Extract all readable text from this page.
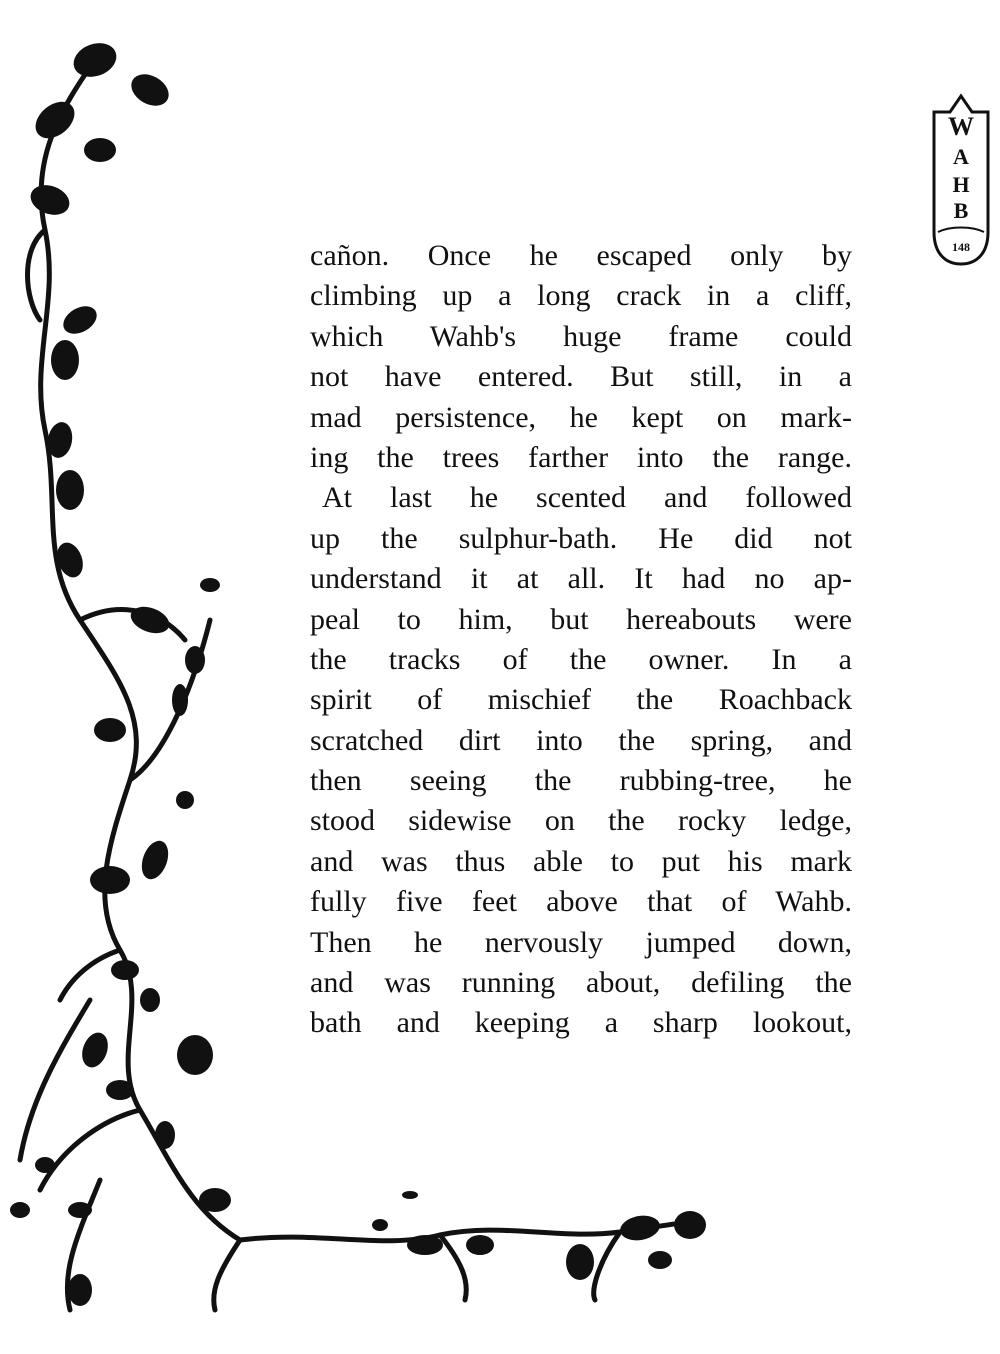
W
A
H
B
148
cañon. Once he escaped only by
climbing up a long crack in a cliff,
which Wahb's huge frame could
not have entered. But still, in a
mad persistence, he kept on mark-
ing the trees farther into the range.
At last he scented and followed
up the sulphur-bath. He did not
understand it at all. It had no ap-
peal to him, but hereabouts were
the tracks of the owner. In a
spirit of mischief the Roachback
scratched dirt into the spring, and
then seeing the rubbing-tree, he
stood sidewise on the rocky ledge,
and was thus able to put his mark
fully five feet above that of Wahb.
Then he nervously jumped down,
and was running about, defiling the
bath and keeping a sharp lookout,
